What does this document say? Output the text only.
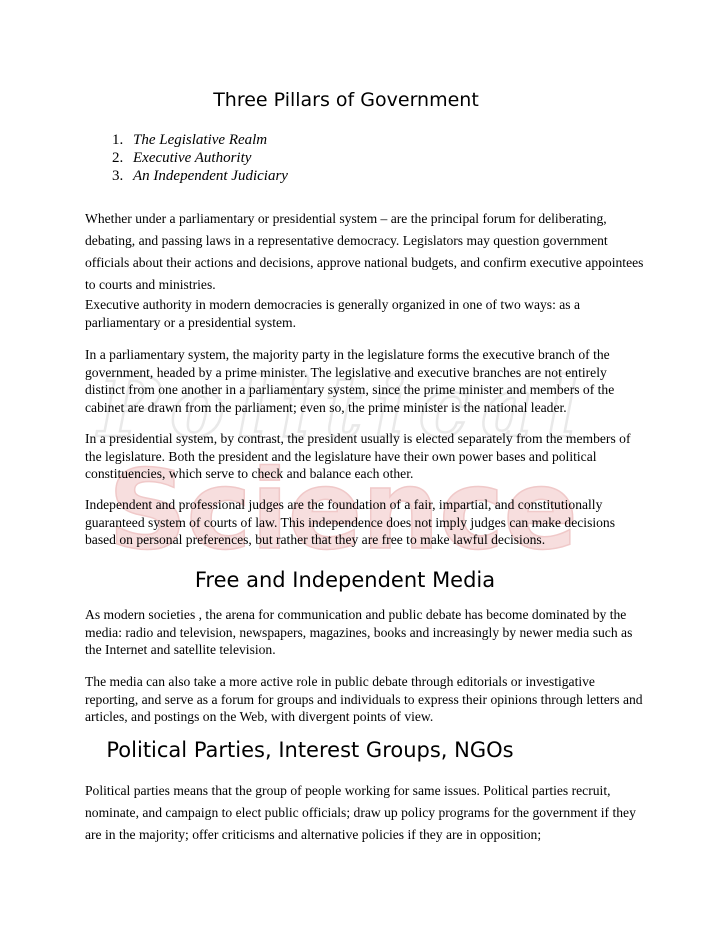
Political
Science
Three Pillars of Government
1. The Legislative Realm
2. Executive Authority
3. An Independent Judiciary

Whether under a parliamentary or presidential system – are the principal forum for deliberating, debating, and passing laws in a representative democracy. Legislators may question government officials about their actions and decisions, approve national budgets, and confirm executive appointees to courts and ministries.

Executive authority in modern democracies is generally organized in one of two ways: as a parliamentary or a presidential system.

In a parliamentary system, the majority party in the legislature forms the executive branch of the government, headed by a prime minister. The legislative and executive branches are not entirely distinct from one another in a parliamentary system, since the prime minister and members of the cabinet are drawn from the parliament; even so, the prime minister is the national leader.

In a presidential system, by contrast, the president usually is elected separately from the members of the legislature. Both the president and the legislature have their own power bases and political constituencies, which serve to check and balance each other.

Independent and professional judges are the foundation of a fair, impartial, and constitutionally guaranteed system of courts of law. This independence does not imply judges can make decisions based on personal preferences, but rather that they are free to make lawful decisions.

Free and Independent Media

As modern societies , the arena for communication and public debate has become dominated by the media: radio and television, newspapers, magazines, books and increasingly by newer media such as the Internet and satellite television.

The media can also take a more active role in public debate through editorials or investigative reporting, and serve as a forum for groups and individuals to express their opinions through letters and articles, and postings on the Web, with divergent points of view.

Political Parties, Interest Groups, NGOs

Political parties means that the group of people working for same issues. Political parties recruit, nominate, and campaign to elect public officials; draw up policy programs for the government if they are in the majority; offer criticisms and alternative policies if they are in opposition;
